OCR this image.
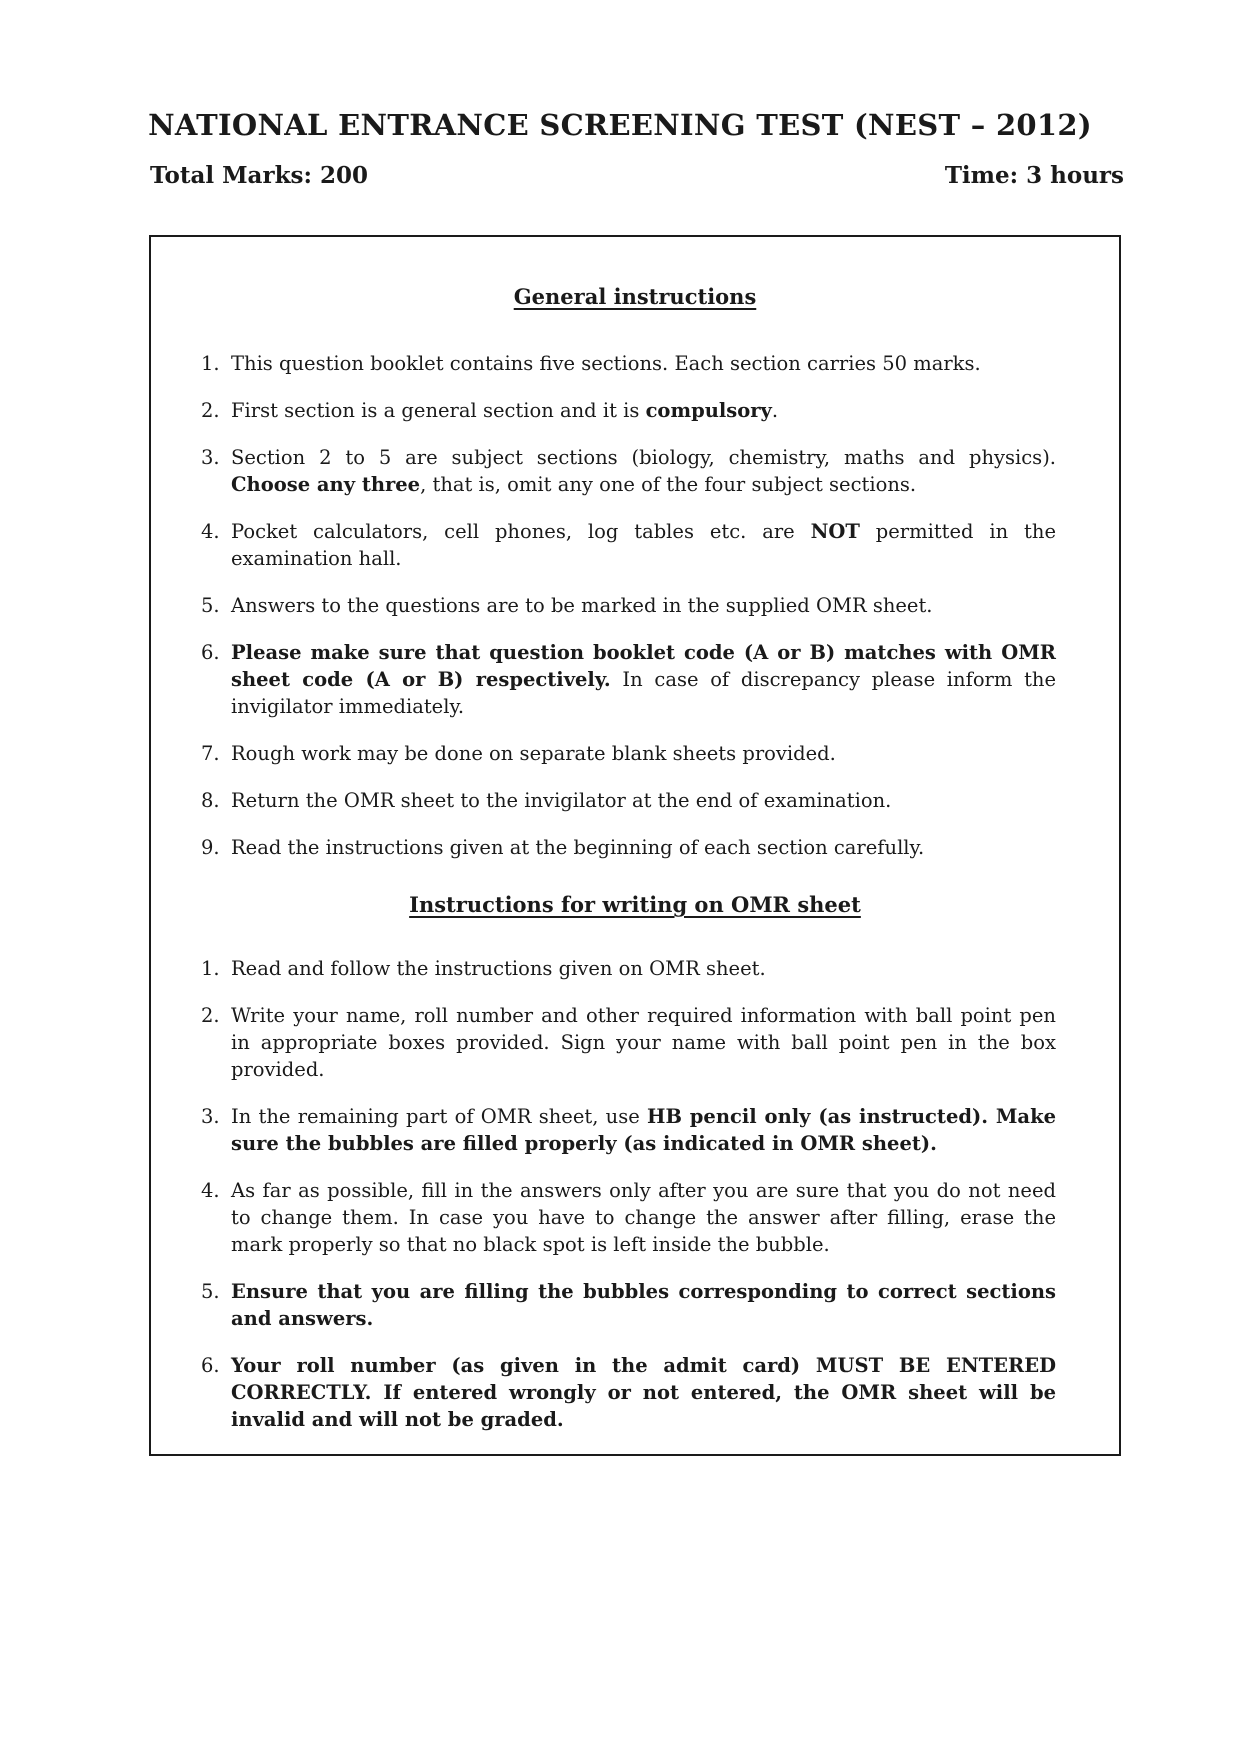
NATIONAL ENTRANCE SCREENING TEST (NEST – 2012)
Total Marks: 200	Time: 3 hours
General instructions
1. This question booklet contains five sections. Each section carries 50 marks.
2. First section is a general section and it is compulsory.
3. Section 2 to 5 are subject sections (biology, chemistry, maths and physics). Choose any three, that is, omit any one of the four subject sections.
4. Pocket calculators, cell phones, log tables etc. are NOT permitted in the examination hall.
5. Answers to the questions are to be marked in the supplied OMR sheet.
6. Please make sure that question booklet code (A or B) matches with OMR sheet code (A or B) respectively. In case of discrepancy please inform the invigilator immediately.
7. Rough work may be done on separate blank sheets provided.
8. Return the OMR sheet to the invigilator at the end of examination.
9. Read the instructions given at the beginning of each section carefully.
Instructions for writing on OMR sheet
1. Read and follow the instructions given on OMR sheet.
2. Write your name, roll number and other required information with ball point pen in appropriate boxes provided. Sign your name with ball point pen in the box provided.
3. In the remaining part of OMR sheet, use HB pencil only (as instructed). Make sure the bubbles are filled properly (as indicated in OMR sheet).
4. As far as possible, fill in the answers only after you are sure that you do not need to change them. In case you have to change the answer after filling, erase the mark properly so that no black spot is left inside the bubble.
5. Ensure that you are filling the bubbles corresponding to correct sections and answers.
6. Your roll number (as given in the admit card) MUST BE ENTERED CORRECTLY. If entered wrongly or not entered, the OMR sheet will be invalid and will not be graded.
